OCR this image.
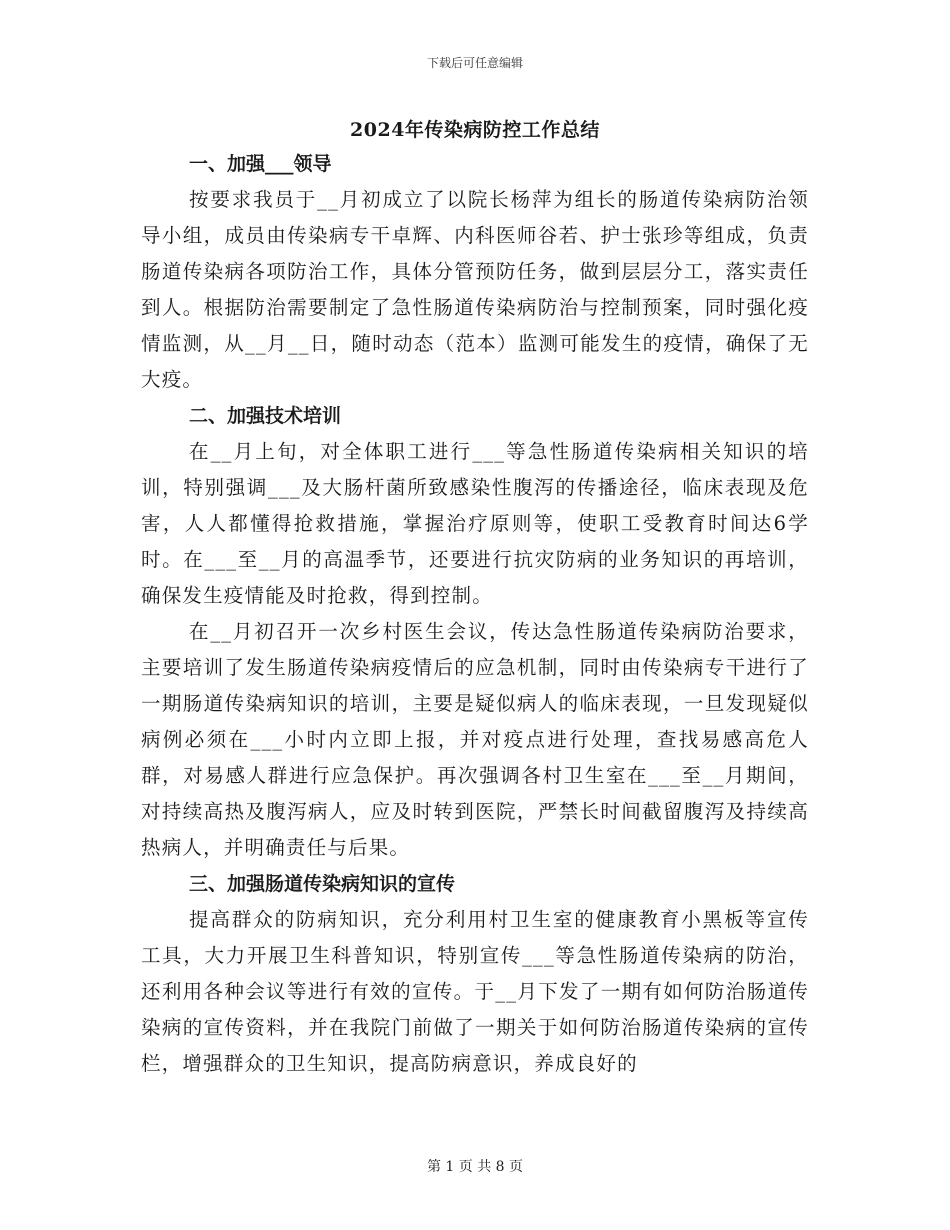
下载后可任意编辑
2024年传染病防控工作总结
一、加强___领导

按要求我员于__月初成立了以院长杨萍为组长的肠道传染病防治领导小组，成员由传染病专干卓辉、内科医师谷若、护士张珍等组成，负责肠道传染病各项防治工作，具体分管预防任务，做到层层分工，落实责任到人。根据防治需要制定了急性肠道传染病防治与控制预案，同时强化疫情监测，从__月__日，随时动态（范本）监测可能发生的疫情，确保了无大疫。

二、加强技术培训

在__月上旬，对全体职工进行___等急性肠道传染病相关知识的培训，特别强调___及大肠杆菌所致感染性腹泻的传播途径，临床表现及危害，人人都懂得抢救措施，掌握治疗原则等，使职工受教育时间达6学时。在___至__月的高温季节，还要进行抗灾防病的业务知识的再培训，确保发生疫情能及时抢救，得到控制。

在__月初召开一次乡村医生会议，传达急性肠道传染病防治要求，主要培训了发生肠道传染病疫情后的应急机制，同时由传染病专干进行了一期肠道传染病知识的培训，主要是疑似病人的临床表现，一旦发现疑似病例必须在___小时内立即上报，并对疫点进行处理，查找易感高危人群，对易感人群进行应急保护。再次强调各村卫生室在___至__月期间，对持续高热及腹泻病人，应及时转到医院，严禁长时间截留腹泻及持续高热病人，并明确责任与后果。

三、加强肠道传染病知识的宣传

提高群众的防病知识，充分利用村卫生室的健康教育小黑板等宣传工具，大力开展卫生科普知识，特别宣传___等急性肠道传染病的防治，还利用各种会议等进行有效的宣传。于__月下发了一期有如何防治肠道传染病的宣传资料，并在我院门前做了一期关于如何防治肠道传染病的宣传栏，增强群众的卫生知识，提高防病意识，养成良好的

第 1 页 共 8 页
